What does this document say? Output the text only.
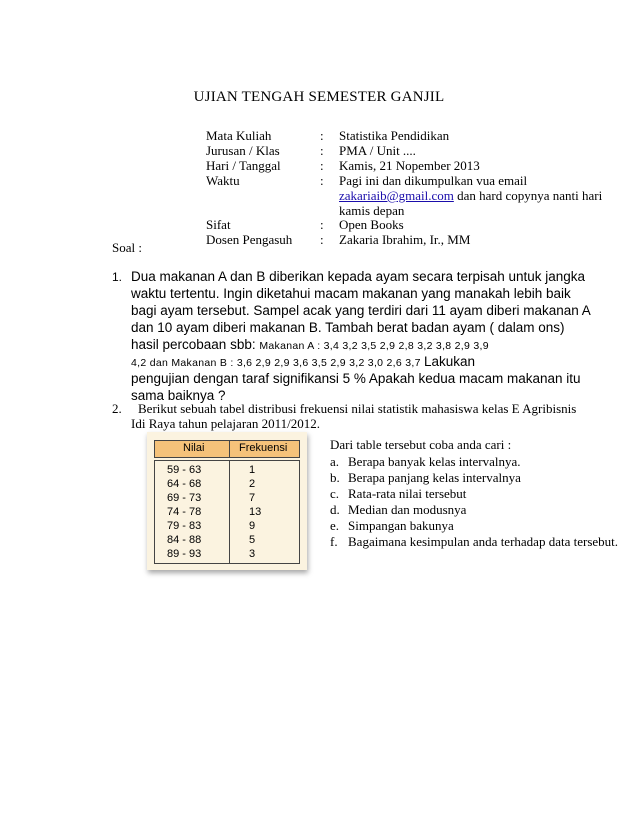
UJIAN TENGAH SEMESTER GANJIL
Mata Kuliah	: Statistika Pendidikan
Jurusan / Klas	: PMA / Unit ....
Hari / Tanggal	: Kamis, 21 Nopember 2013
Waktu	: Pagi ini dan dikumpulkan vua email
zakariaib@gmail.com dan hard copynya nanti hari
kamis depan
Sifat	: Open Books
Dosen Pengasuh : Zakaria Ibrahim, Ir., MM
Soal :
1. Dua makanan A dan B diberikan kepada ayam secara terpisah untuk jangka
waktu tertentu. Ingin diketahui macam makanan yang manakah lebih baik
bagi ayam tersebut. Sampel acak yang terdiri dari 11 ayam diberi makanan A
dan 10 ayam diberi makanan B. Tambah berat badan ayam ( dalam ons)
hasil percobaan sbb: Makanan A : 3,4 3,2 3,5 2,9 2,8 3,2 3,8 2,9 3,9
4,2 dan Makanan B : 3,6 2,9 2,9 3,6 3,5 2,9 3,2 3,0 2,6 3,7 Lakukan
pengujian dengan taraf signifikansi 5 % Apakah kedua macam makanan itu
sama baiknya ?
2. Berikut sebuah tabel distribusi frekuensi nilai statistik mahasiswa kelas E Agribisnis
Idi Raya tahun pelajaran 2011/2012.
Nilai	Frekuensi
59 - 63	1
64 - 68	2
69 - 73	7
74 - 78	13
79 - 83	9
84 - 88	5
89 - 93	3
Dari table tersebut coba anda cari :
a. Berapa banyak kelas intervalnya.
b. Berapa panjang kelas intervalnya
c. Rata-rata nilai tersebut
d. Median dan modusnya
e. Simpangan bakunya
f. Bagaimana kesimpulan anda terhadap data tersebut.
